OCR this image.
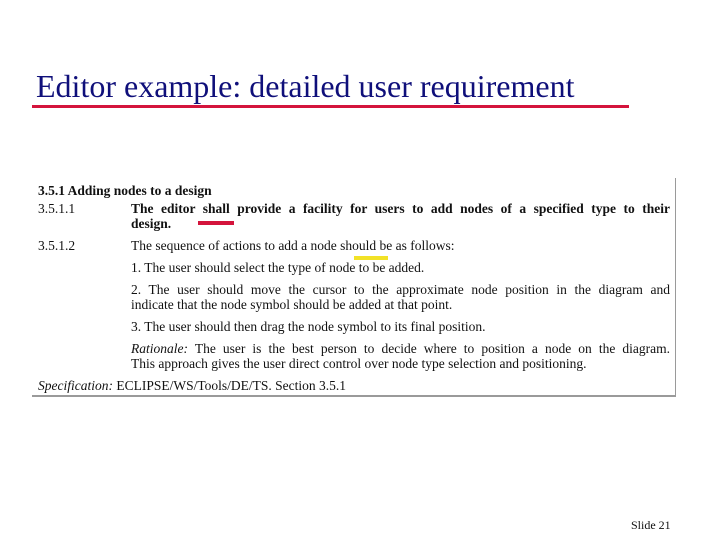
Editor example: detailed user requirement
3.5.1 Adding nodes to a design
3.5.1.1	The editor shall provide a facility for users to add nodes of a specified type to their
design.
3.5.1.2	The sequence of actions to add a node should be as follows:
1. The user should select the type of node to be added.
2. The user should move the cursor to the approximate node position in the diagram and
indicate that the node symbol should be added at that point.
3. The user should then drag the node symbol to its final position.
Rationale: The user is the best person to decide where to position a node on the diagram.
This approach gives the user direct control over node type selection and positioning.
Specification: ECLIPSE/WS/Tools/DE/TS. Section 3.5.1
Slide 21
